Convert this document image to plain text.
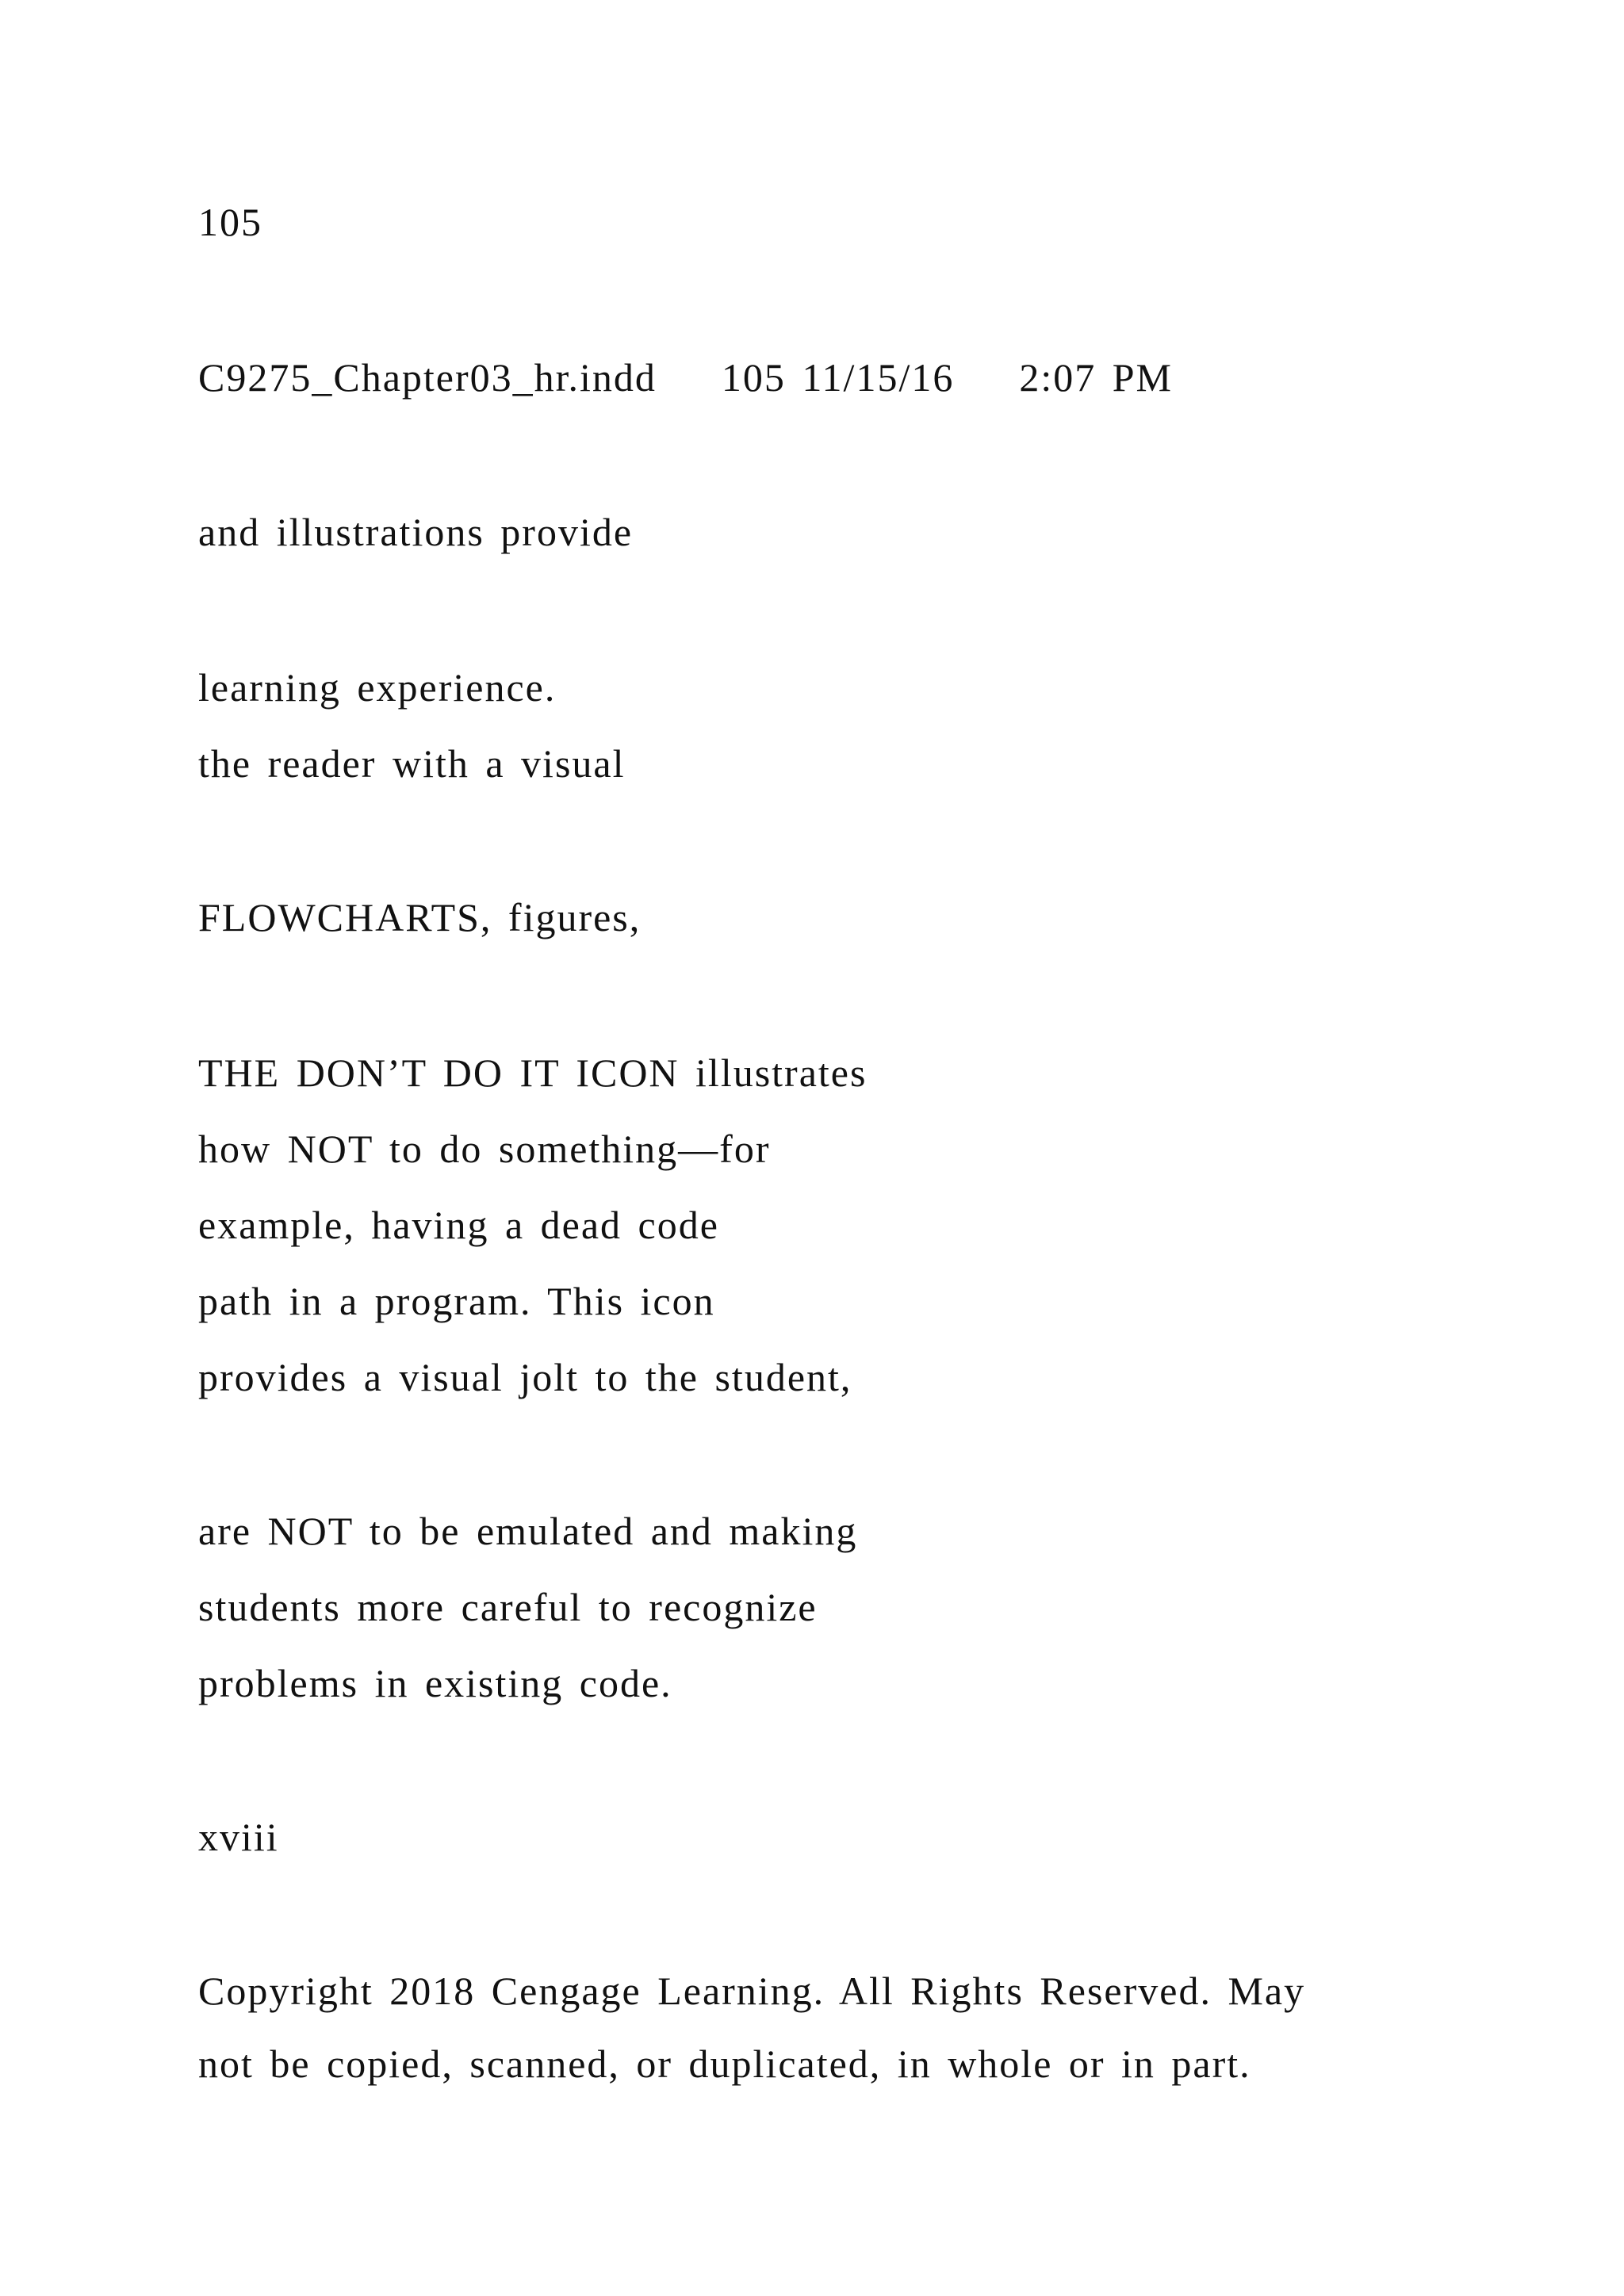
105

C9275_Chapter03_hr.indd    105 11/15/16    2:07 PM

and illustrations provide

learning experience.

the reader with a visual

FLOWCHARTS, figures,

THE DON’T DO IT ICON illustrates

how NOT to do something—for

example, having a dead code

path in a program. This icon

provides a visual jolt to the student,

are NOT to be emulated and making

students more careful to recognize

problems in existing code.

xviii

Copyright 2018 Cengage Learning. All Rights Reserved. May

not be copied, scanned, or duplicated, in whole or in part.
